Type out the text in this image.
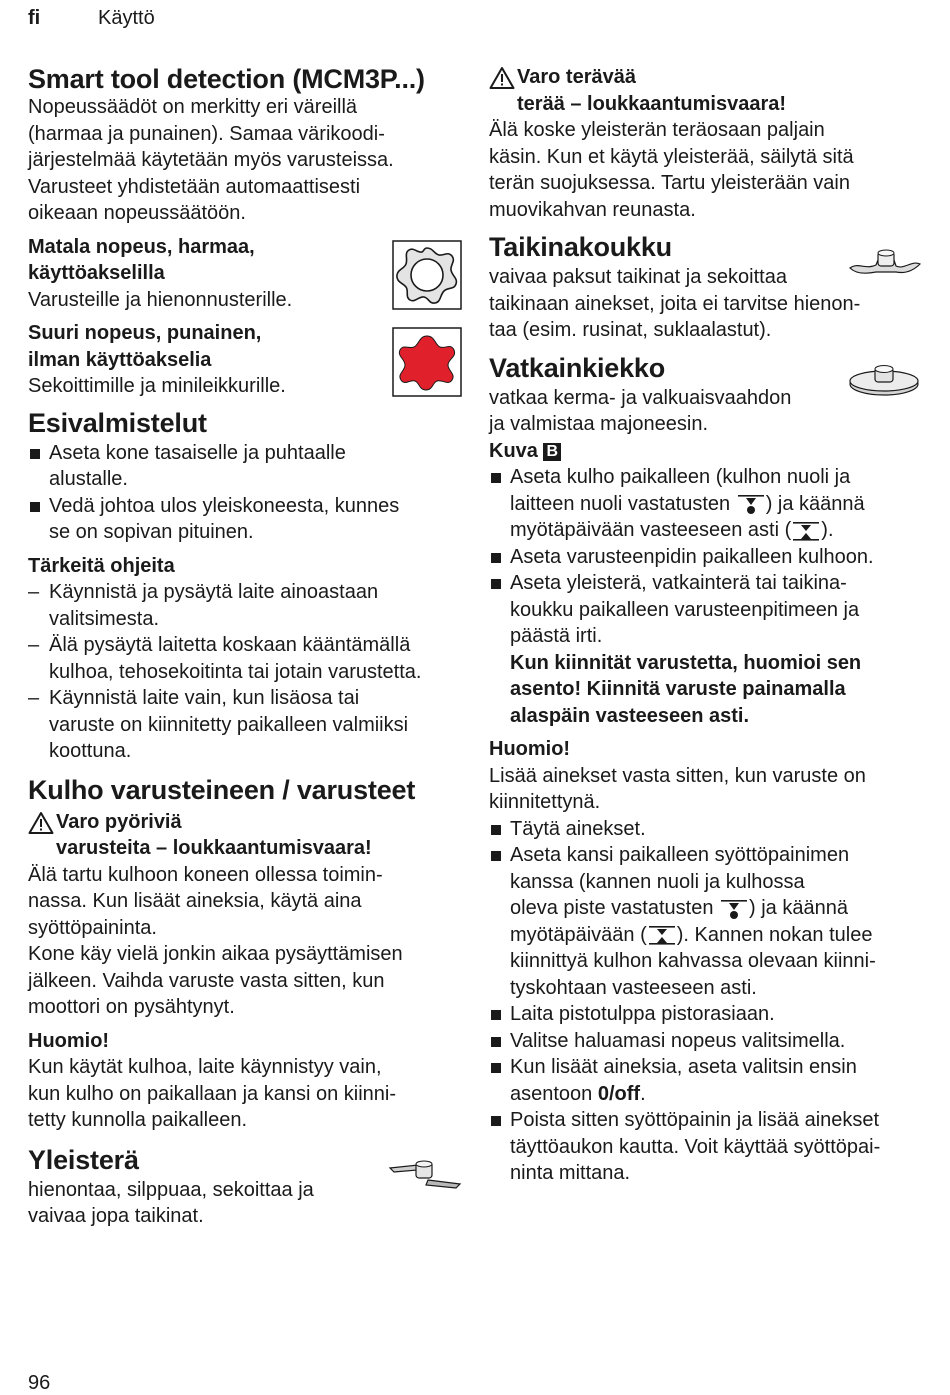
fi	Käyttö
Smart tool detection (MCM3P...)
Nopeussäädöt on merkitty eri väreillä
(harmaa ja punainen). Samaa värikoodi-
järjestelmää käytetään myös varusteissa.
Varusteet yhdistetään automaattisesti
oikeaan nopeussäätöön.
Matala nopeus, harmaa,
käyttöakselilla
Varusteille ja hienonnusterille.
Suuri nopeus, punainen,
ilman käyttöakselia
Sekoittimille ja minileikkurille.
Esivalmistelut
Aseta kone tasaiselle ja puhtaalle
alustalle.
Vedä johtoa ulos yleiskoneesta, kunnes
se on sopivan pituinen.
Tärkeitä ohjeita
– Käynnistä ja pysäytä laite ainoastaan
valitsimesta.
– Älä pysäytä laitetta koskaan kääntämällä
kulhoa, tehosekoitinta tai jotain varustetta.
– Käynnistä laite vain, kun lisäosa tai
varuste on kiinnitetty paikalleen valmiiksi
koottuna.
Kulho varusteineen / varusteet
Varo pyöriviä
varusteita – loukkaantumisvaara!
Älä tartu kulhoon koneen ollessa toimin-
nassa. Kun lisäät aineksia, käytä aina
syöttöpaininta.
Kone käy vielä jonkin aikaa pysäyttämisen
jälkeen. Vaihda varuste vasta sitten, kun
moottori on pysähtynyt.
Huomio!
Kun käytät kulhoa, laite käynnistyy vain,
kun kulho on paikallaan ja kansi on kiinni-
tetty kunnolla paikalleen.
Yleisterä
hienontaa, silppuaa, sekoittaa ja
vaivaa jopa taikinat.
Varo terävää
terää – loukkaantumisvaara!
Älä koske yleisterän teräosaan paljain
käsin. Kun et käytä yleisterää, säilytä sitä
terän suojuksessa. Tartu yleisterään vain
muovikahvan reunasta.
Taikinakoukku
vaivaa paksut taikinat ja sekoittaa
taikinaan ainekset, joita ei tarvitse hienon-
taa (esim. rusinat, suklaalastut).
Vatkainkiekko
vatkaa kerma- ja valkuaisvaahdon
ja valmistaa majoneesin.
Kuva B
Aseta kulho paikalleen (kulhon nuoli ja
laitteen nuoli vastatusten ) ja käännä
myötäpäivään vasteeseen asti ( ).
Aseta varusteenpidin paikalleen kulhoon.
Aseta yleisterä, vatkainterä tai taikina-
koukku paikalleen varusteenpitimeen ja
päästä irti.
Kun kiinnität varustetta, huomioi sen
asento! Kiinnitä varuste painamalla
alaspäin vasteeseen asti.
Huomio!
Lisää ainekset vasta sitten, kun varuste on
kiinnitettynä.
Täytä ainekset.
Aseta kansi paikalleen syöttöpainimen
kanssa (kannen nuoli ja kulhossa
oleva piste vastatusten ) ja käännä
myötäpäivään ( ). Kannen nokan tulee
kiinnittyä kulhon kahvassa olevaan kiinni-
tyskohtaan vasteeseen asti.
Laita pistotulppa pistorasiaan.
Valitse haluamasi nopeus valitsimella.
Kun lisäät aineksia, aseta valitsin ensin
asentoon 0/off.
Poista sitten syöttöpainin ja lisää ainekset
täyttöaukon kautta. Voit käyttää syöttöpai-
ninta mittana.
96
